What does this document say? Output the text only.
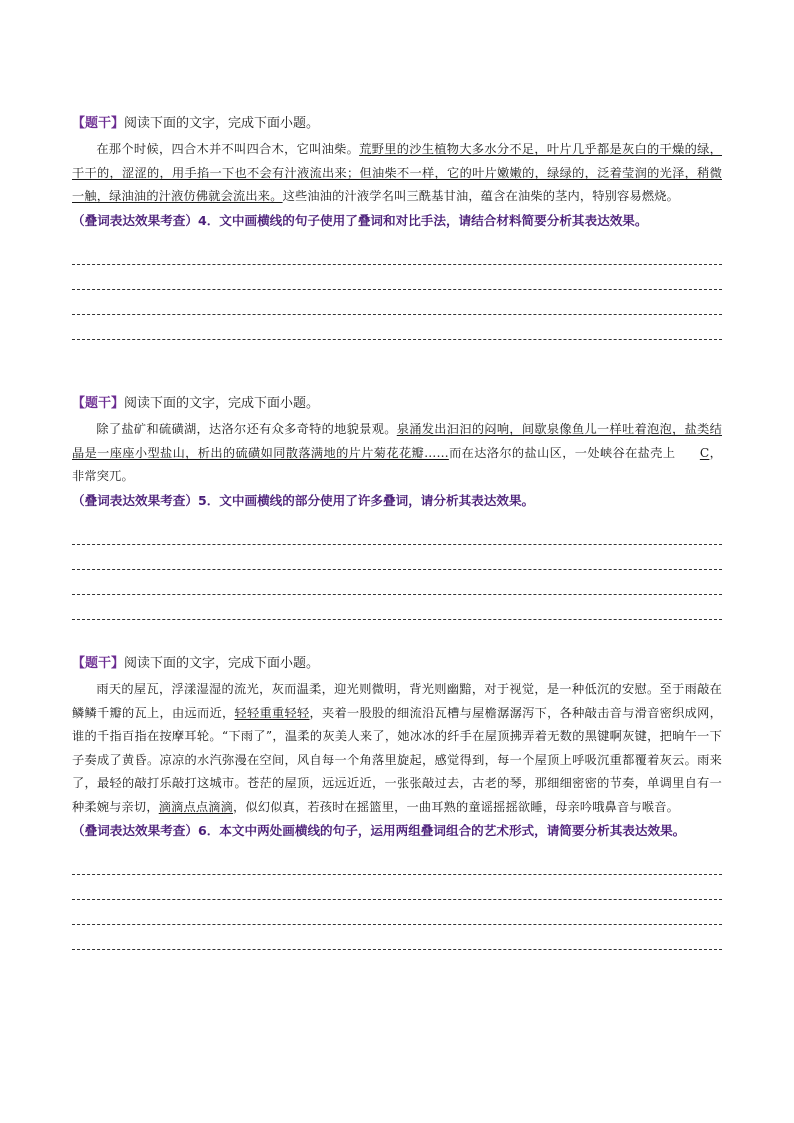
【题干】阅读下面的文字，完成下面小题。

在那个时候，四合木并不叫四合木，它叫油柴。荒野里的沙生植物大多水分不足，叶片几乎都是灰白的干燥的绿，干干的，涩涩的，用手掐一下也不会有汁液流出来；但油柴不一样，它的叶片嫩嫩的，绿绿的，泛着莹润的光泽，稍微一触，绿油油的汁液仿佛就会流出来。这些油油的汁液学名叫三酰基甘油，蕴含在油柴的茎内，特别容易燃烧。

（叠词表达效果考查）4．文中画横线的句子使用了叠词和对比手法，请结合材料简要分析其表达效果。

【题干】阅读下面的文字，完成下面小题。

除了盐矿和硫磺湖，达洛尔还有众多奇特的地貌景观。泉涌发出汩汩的闷响，间歇泉像鱼儿一样吐着泡泡，盐类结晶是一座座小型盐山，析出的硫磺如同散落满地的片片菊花花瓣……而在达洛尔的盐山区，一处峡谷在盐壳上 C，非常突兀。

（叠词表达效果考查）5．文中画横线的部分使用了许多叠词，请分析其表达效果。

【题干】阅读下面的文字，完成下面小题。

雨天的屋瓦，浮漾湿湿的流光，灰而温柔，迎光则微明，背光则幽黯，对于视觉，是一种低沉的安慰。至于雨敲在鳞鳞千瓣的瓦上，由远而近，轻轻重重轻轻，夹着一股股的细流沿瓦槽与屋檐潺潺泻下，各种敲击音与滑音密织成网，谁的千指百指在按摩耳轮。“下雨了”，温柔的灰美人来了，她冰冰的纤手在屋顶拂弄着无数的黑键啊灰键，把晌午一下子奏成了黄昏。凉凉的水汽弥漫在空间，风自每一个角落里旋起，感觉得到，每一个屋顶上呼吸沉重都覆着灰云。雨来了，最轻的敲打乐敲打这城市。苍茫的屋顶，远远近近，一张张敲过去，古老的琴，那细细密密的节奏，单调里自有一种柔婉与亲切，滴滴点点滴滴，似幻似真，若孩时在摇篮里，一曲耳熟的童谣摇摇欲睡，母亲吟哦鼻音与喉音。

（叠词表达效果考查）6．本文中两处画横线的句子，运用两组叠词组合的艺术形式，请简要分析其表达效果。
